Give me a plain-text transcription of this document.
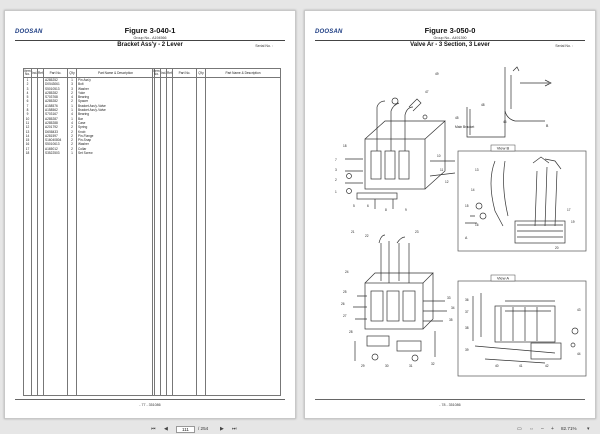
DOOSAN	Figure 3-040-1
Group No.- A194566
Bracket Ass'y - 2 Lever	Serial No. :
Item No.	Ind.	Ref.	Part No.	Q'ty	Part Name & Description
1			A285252	1	Pin Ass'y
2			D0543061	3	Bolt
3			S5010513	3	Washer
4			A285282	2	Yoke
5			S703768	4	Bearing
6			A285282	2	Spacer
7			A158576	1	Bracket Ass'y-Valve
8			A158562	1	Bracket Ass'y-Valve
9			S703167	4	Bearing
10			A285287	1	Bar
11			A285288	4	Case
12			A201792	2	Spring
13			D658433	2	Knob
14			A281597	2	Pin-Flange
15			S16040804	2	Pin-Snap
16			S5010613	2	Washer
17			A165012	2	Collar
18			S3522503	1	Set Screw

Item No.	Ind.	Ref.	Part No.	Q'ty	Part Name & Description

- 77 - 351086
DOOSAN	Figure 3-050-0
Group No.- A491390
Valve Ar - 3 Section, 3 Lever	Serial No. :
47
49
48
45
46
18
7
3
2
1
5	6
8	9
10
11
12
13
14
15
16
17
19
20
21
22
23
24
25
26
27
28
29	30	31	32
33
34
35
36
37
38
39
40	41	42
43
44
View A
View B
Main Bracket	B
A
- 78 - 351086
⏮ ◀
111	/ 254 ▶ ⏭	▭ ⇔ – + 82.71% ▾
